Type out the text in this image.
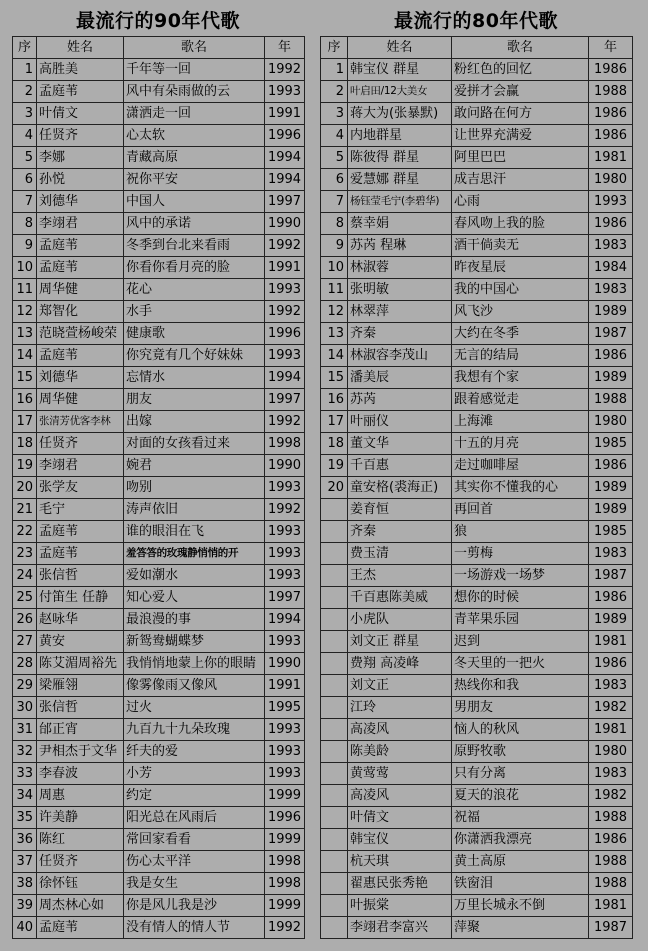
最流行的90年代歌
序	姓名	歌名	年
1	高胜美	千年等一回	1992
2	孟庭苇	风中有朵雨做的云	1993
3	叶倩文	潇洒走一回	1991
4	任贤齐	心太软	1996
5	李娜	青藏高原	1994
6	孙悦	祝你平安	1994
7	刘德华	中国人	1997
8	李翊君	风中的承诺	1990
9	孟庭苇	冬季到台北来看雨	1992
10	孟庭苇	你看你看月亮的脸	1991
11	周华健	花心	1993
12	郑智化	水手	1992
13	范晓萱杨峻荣	健康歌	1996
14	孟庭苇	你究竟有几个好妹妹	1993
15	刘德华	忘情水	1994
16	周华健	朋友	1997
17	张清芳优客李林	出嫁	1992
18	任贤齐	对面的女孩看过来	1998
19	李翊君	婉君	1990
20	张学友	吻别	1993
21	毛宁	涛声依旧	1992
22	孟庭苇	谁的眼泪在飞	1993
23	孟庭苇	羞答答的玫瑰静悄悄的开	1993
24	张信哲	爱如潮水	1993
25	付笛生 任静	知心爱人	1997
26	赵咏华	最浪漫的事	1994
27	黄安	新鸳鸯蝴蝶梦	1993
28	陈艾湄周裕先	我悄悄地蒙上你的眼睛	1990
29	梁雁翎	像雾像雨又像风	1991
30	张信哲	过火	1995
31	邰正宵	九百九十九朵玫瑰	1993
32	尹相杰于文华	纤夫的爱	1993
33	李春波	小芳	1993
34	周惠	约定	1999
35	许美静	阳光总在风雨后	1996
36	陈红	常回家看看	1999
37	任贤齐	伤心太平洋	1998
38	徐怀钰	我是女生	1998
39	周杰林心如	你是风儿我是沙	1999
40	孟庭苇	没有情人的情人节	1992
最流行的80年代歌
序	姓名	歌名	年
1	韩宝仪 群星	粉红色的回忆	1986
2	叶启田/12大美女	爱拼才会赢	1988
3	蒋大为(张暴默)	敢问路在何方	1986
4	内地群星	让世界充满爱	1986
5	陈彼得 群星	阿里巴巴	1981
6	爱慧娜 群星	成吉思汗	1980
7	杨钰莹毛宁(李碧华)	心雨	1993
8	蔡幸娟	春风吻上我的脸	1986
9	苏芮 程琳	酒干倘卖无	1983
10	林淑蓉	昨夜星辰	1984
11	张明敏	我的中国心	1983
12	林翠萍	风飞沙	1989
13	齐秦	大约在冬季	1987
14	林淑容李茂山	无言的结局	1986
15	潘美辰	我想有个家	1989
16	苏芮	跟着感觉走	1988
17	叶丽仪	上海滩	1980
18	董文华	十五的月亮	1985
19	千百惠	走过咖啡屋	1986
20	童安格(裘海正)	其实你不懂我的心	1989
	姜育恒	再回首	1989
	齐秦	狼	1985
	费玉清	一剪梅	1983
	王杰	一场游戏一场梦	1987
	千百惠陈美威	想你的时候	1986
	小虎队	青苹果乐园	1989
	刘文正 群星	迟到	1981
	费翔 高凌峰	冬天里的一把火	1986
	刘文正	热线你和我	1983
	江玲	男朋友	1982
	高凌风	恼人的秋风	1981
	陈美龄	原野牧歌	1980
	黄莺莺	只有分离	1983
	高凌风	夏天的浪花	1982
	叶倩文	祝福	1988
	韩宝仪	你潇洒我漂亮	1986
	杭天琪	黄土高原	1988
	翟惠民张秀艳	铁窗泪	1988
	叶振棠	万里长城永不倒	1981
	李翊君李富兴	萍聚	1987
